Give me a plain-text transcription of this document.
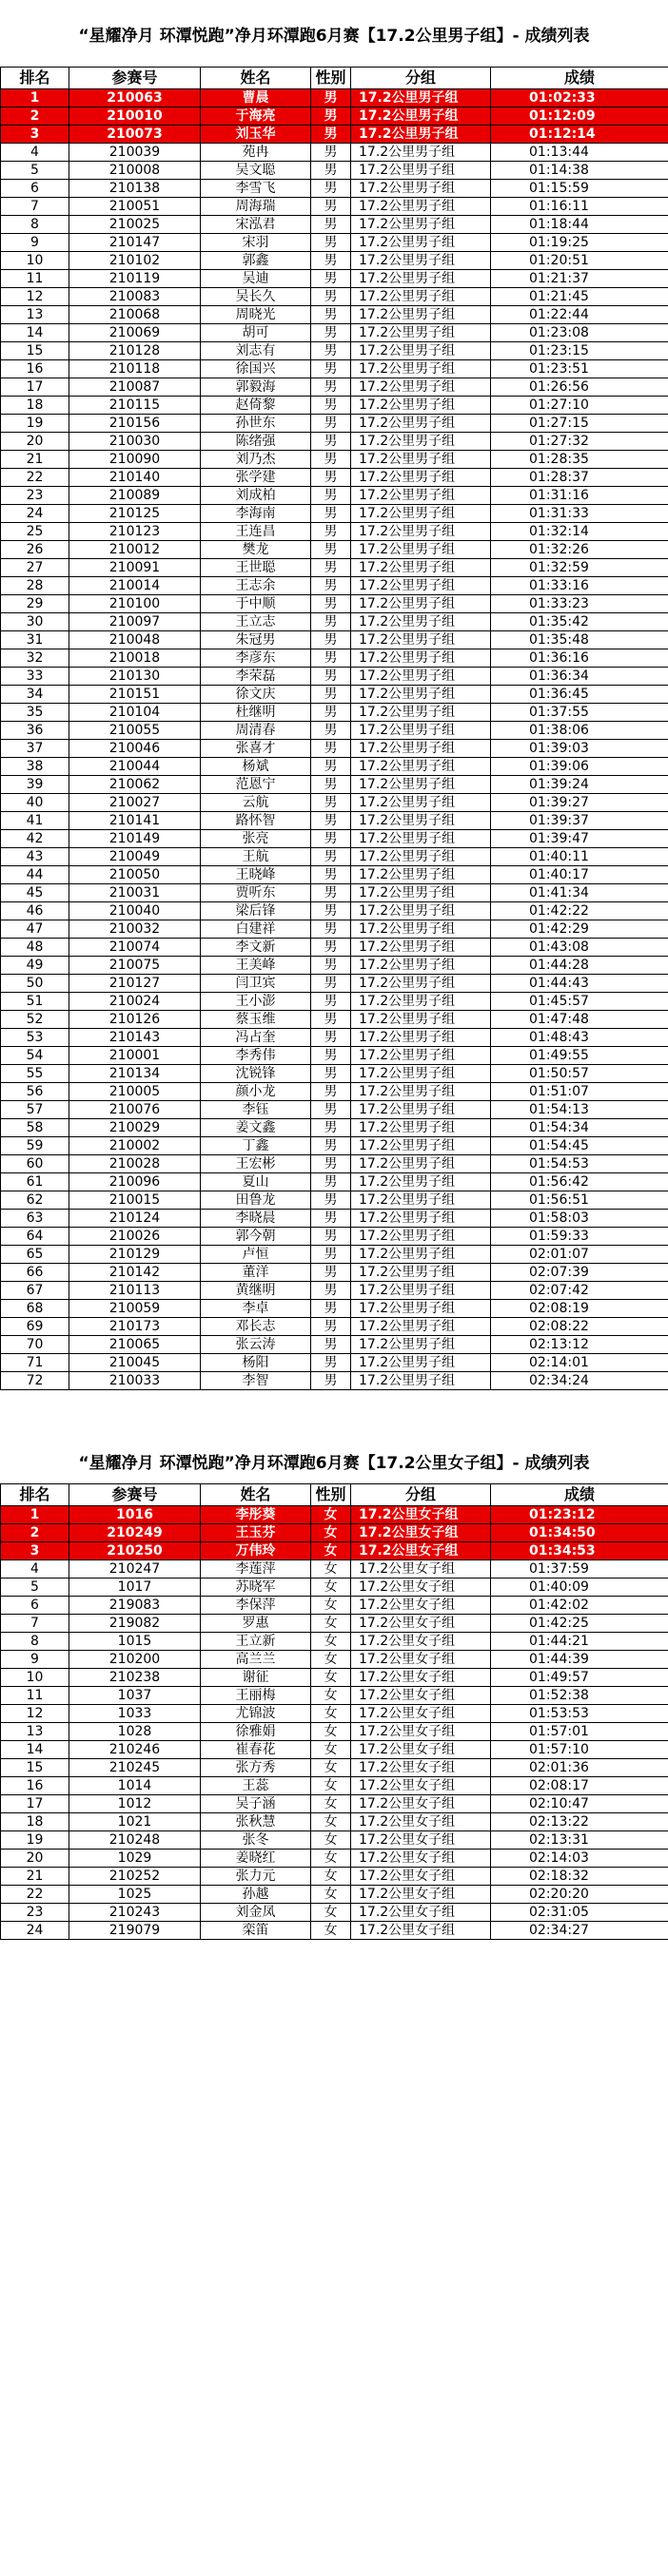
“星耀净月 环潭悦跑”净月环潭跑6月赛【17.2公里男子组】- 成绩列表
排名	参赛号	姓名	性别	分组	成绩
1	210063	曹晨	男	17.2公里男子组	01:02:33
2	210010	于海亮	男	17.2公里男子组	01:12:09
3	210073	刘玉华	男	17.2公里男子组	01:12:14
4	210039	苑冉	男	17.2公里男子组	01:13:44
5	210008	吴文聪	男	17.2公里男子组	01:14:38
6	210138	李雪飞	男	17.2公里男子组	01:15:59
7	210051	周海瑞	男	17.2公里男子组	01:16:11
8	210025	宋泓君	男	17.2公里男子组	01:18:44
9	210147	宋羽	男	17.2公里男子组	01:19:25
10	210102	郭鑫	男	17.2公里男子组	01:20:51
11	210119	吴迪	男	17.2公里男子组	01:21:37
12	210083	吴长久	男	17.2公里男子组	01:21:45
13	210068	周晓光	男	17.2公里男子组	01:22:44
14	210069	胡可	男	17.2公里男子组	01:23:08
15	210128	刘志有	男	17.2公里男子组	01:23:15
16	210118	徐国兴	男	17.2公里男子组	01:23:51
17	210087	郭毅海	男	17.2公里男子组	01:26:56
18	210115	赵倚黎	男	17.2公里男子组	01:27:10
19	210156	孙世东	男	17.2公里男子组	01:27:15
20	210030	陈绪强	男	17.2公里男子组	01:27:32
21	210090	刘乃杰	男	17.2公里男子组	01:28:35
22	210140	张学建	男	17.2公里男子组	01:28:37
23	210089	刘成柏	男	17.2公里男子组	01:31:16
24	210125	李海南	男	17.2公里男子组	01:31:33
25	210123	王连昌	男	17.2公里男子组	01:32:14
26	210012	樊龙	男	17.2公里男子组	01:32:26
27	210091	王世聪	男	17.2公里男子组	01:32:59
28	210014	王志余	男	17.2公里男子组	01:33:16
29	210100	于中顺	男	17.2公里男子组	01:33:23
30	210097	王立志	男	17.2公里男子组	01:35:42
31	210048	朱冠男	男	17.2公里男子组	01:35:48
32	210018	李彦东	男	17.2公里男子组	01:36:16
33	210130	李荣磊	男	17.2公里男子组	01:36:34
34	210151	徐文庆	男	17.2公里男子组	01:36:45
35	210104	杜继明	男	17.2公里男子组	01:37:55
36	210055	周清春	男	17.2公里男子组	01:38:06
37	210046	张喜才	男	17.2公里男子组	01:39:03
38	210044	杨斌	男	17.2公里男子组	01:39:06
39	210062	范恩宁	男	17.2公里男子组	01:39:24
40	210027	云航	男	17.2公里男子组	01:39:27
41	210141	路怀智	男	17.2公里男子组	01:39:37
42	210149	张亮	男	17.2公里男子组	01:39:47
43	210049	王航	男	17.2公里男子组	01:40:11
44	210050	王晓峰	男	17.2公里男子组	01:40:17
45	210031	贾听东	男	17.2公里男子组	01:41:34
46	210040	梁后锋	男	17.2公里男子组	01:42:22
47	210032	白建祥	男	17.2公里男子组	01:42:29
48	210074	李文新	男	17.2公里男子组	01:43:08
49	210075	王美峰	男	17.2公里男子组	01:44:28
50	210127	闫卫宾	男	17.2公里男子组	01:44:43
51	210024	王小澎	男	17.2公里男子组	01:45:57
52	210126	蔡玉维	男	17.2公里男子组	01:47:48
53	210143	冯占奎	男	17.2公里男子组	01:48:43
54	210001	李秀伟	男	17.2公里男子组	01:49:55
55	210134	沈锐锋	男	17.2公里男子组	01:50:57
56	210005	颜小龙	男	17.2公里男子组	01:51:07
57	210076	李钰	男	17.2公里男子组	01:54:13
58	210029	姜文鑫	男	17.2公里男子组	01:54:34
59	210002	丁鑫	男	17.2公里男子组	01:54:45
60	210028	王宏彬	男	17.2公里男子组	01:54:53
61	210096	夏山	男	17.2公里男子组	01:56:42
62	210015	田鲁龙	男	17.2公里男子组	01:56:51
63	210124	李晓晨	男	17.2公里男子组	01:58:03
64	210026	郭今朝	男	17.2公里男子组	01:59:33
65	210129	卢恒	男	17.2公里男子组	02:01:07
66	210142	董洋	男	17.2公里男子组	02:07:39
67	210113	黄继明	男	17.2公里男子组	02:07:42
68	210059	李卓	男	17.2公里男子组	02:08:19
69	210173	邓长志	男	17.2公里男子组	02:08:22
70	210065	张云涛	男	17.2公里男子组	02:13:12
71	210045	杨阳	男	17.2公里男子组	02:14:01
72	210033	李智	男	17.2公里男子组	02:34:24
“星耀净月 环潭悦跑”净月环潭跑6月赛【17.2公里女子组】- 成绩列表
排名	参赛号	姓名	性别	分组	成绩
1	1016	李彤葵	女	17.2公里女子组	01:23:12
2	210249	王玉芬	女	17.2公里女子组	01:34:50
3	210250	万伟玲	女	17.2公里女子组	01:34:53
4	210247	李莲萍	女	17.2公里女子组	01:37:59
5	1017	苏晓军	女	17.2公里女子组	01:40:09
6	219083	李保萍	女	17.2公里女子组	01:42:02
7	219082	罗惠	女	17.2公里女子组	01:42:25
8	1015	王立新	女	17.2公里女子组	01:44:21
9	210200	高兰兰	女	17.2公里女子组	01:44:39
10	210238	谢征	女	17.2公里女子组	01:49:57
11	1037	王丽梅	女	17.2公里女子组	01:52:38
12	1033	尤锦波	女	17.2公里女子组	01:53:53
13	1028	徐雅娟	女	17.2公里女子组	01:57:01
14	210246	崔春花	女	17.2公里女子组	01:57:10
15	210245	张方秀	女	17.2公里女子组	02:01:36
16	1014	王蕊	女	17.2公里女子组	02:08:17
17	1012	吴子涵	女	17.2公里女子组	02:10:47
18	1021	张秋慧	女	17.2公里女子组	02:13:22
19	210248	张冬	女	17.2公里女子组	02:13:31
20	1029	姜晓红	女	17.2公里女子组	02:14:03
21	210252	张力元	女	17.2公里女子组	02:18:32
22	1025	孙越	女	17.2公里女子组	02:20:20
23	210243	刘金凤	女	17.2公里女子组	02:31:05
24	219079	栾笛	女	17.2公里女子组	02:34:27
